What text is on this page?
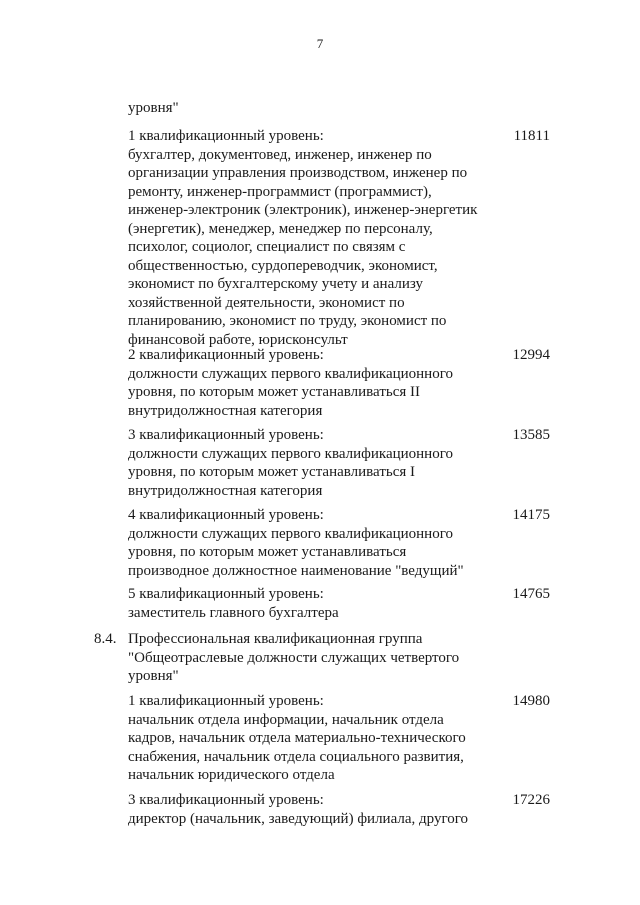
7
уровня"
1 квалификационный уровень:
бухгалтер, документовед, инженер, инженер по
организации управления производством, инженер по
ремонту, инженер-программист (программист),
инженер-электроник (электроник), инженер-энергетик
(энергетик), менеджер, менеджер по персоналу,
психолог, социолог, специалист по связям с
общественностью, сурдопереводчик, экономист,
экономист по бухгалтерскому учету и анализу
хозяйственной деятельности, экономист по
планированию, экономист по труду, экономист по
финансовой работе, юрисконсульт
11811
2 квалификационный уровень:
должности служащих первого квалификационного
уровня, по которым может устанавливаться II
внутридолжностная категория
12994
3 квалификационный уровень:
должности служащих первого квалификационного
уровня, по которым может устанавливаться I
внутридолжностная категория
13585
4 квалификационный уровень:
должности служащих первого квалификационного
уровня, по которым может устанавливаться
производное должностное наименование "ведущий"
14175
5 квалификационный уровень:
заместитель главного бухгалтера
14765
8.4. Профессиональная квалификационная группа
"Общеотраслевые должности служащих четвертого
уровня"
1 квалификационный уровень:
начальник отдела информации, начальник отдела
кадров, начальник отдела материально-технического
снабжения, начальник отдела социального развития,
начальник юридического отдела
14980
3 квалификационный уровень:
директор (начальник, заведующий) филиала, другого
17226
